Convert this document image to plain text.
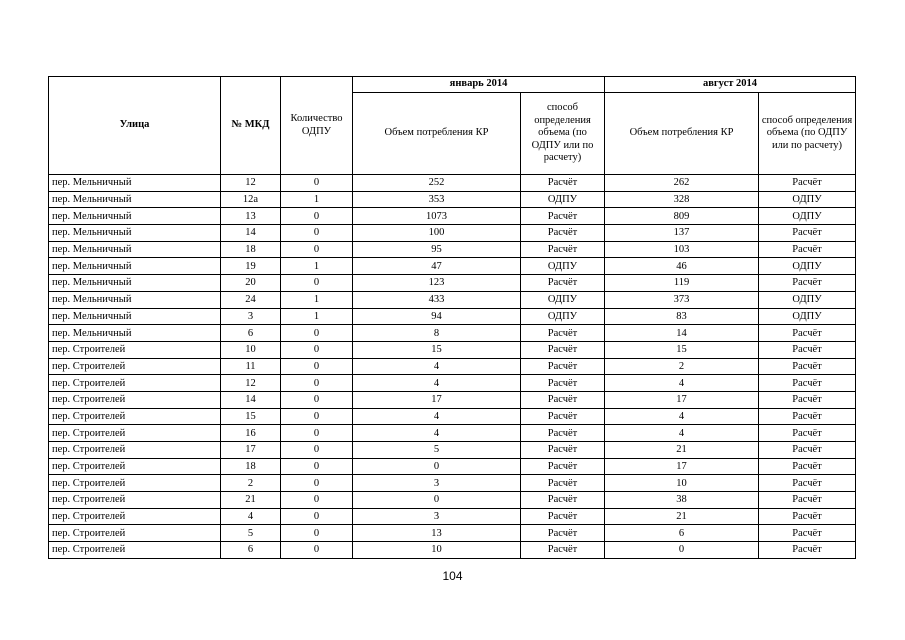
Улица	№ МКД	Количество ОДПУ	январь 2014		август 2014	
			Объем потребления КР	способ определения объема (по ОДПУ или по расчету)	Объем потребления КР	способ определения объема (по ОДПУ или по расчету)
пер. Мельничный	12	0	252	Расчёт	262	Расчёт
пер. Мельничный	12а	1	353	ОДПУ	328	ОДПУ
пер. Мельничный	13	0	1073	Расчёт	809	ОДПУ
пер. Мельничный	14	0	100	Расчёт	137	Расчёт
пер. Мельничный	18	0	95	Расчёт	103	Расчёт
пер. Мельничный	19	1	47	ОДПУ	46	ОДПУ
пер. Мельничный	20	0	123	Расчёт	119	Расчёт
пер. Мельничный	24	1	433	ОДПУ	373	ОДПУ
пер. Мельничный	3	1	94	ОДПУ	83	ОДПУ
пер. Мельничный	6	0	8	Расчёт	14	Расчёт
пер. Строителей	10	0	15	Расчёт	15	Расчёт
пер. Строителей	11	0	4	Расчёт	2	Расчёт
пер. Строителей	12	0	4	Расчёт	4	Расчёт
пер. Строителей	14	0	17	Расчёт	17	Расчёт
пер. Строителей	15	0	4	Расчёт	4	Расчёт
пер. Строителей	16	0	4	Расчёт	4	Расчёт
пер. Строителей	17	0	5	Расчёт	21	Расчёт
пер. Строителей	18	0	0	Расчёт	17	Расчёт
пер. Строителей	2	0	3	Расчёт	10	Расчёт
пер. Строителей	21	0	0	Расчёт	38	Расчёт
пер. Строителей	4	0	3	Расчёт	21	Расчёт
пер. Строителей	5	0	13	Расчёт	6	Расчёт
пер. Строителей	6	0	10	Расчёт	0	Расчёт
104
